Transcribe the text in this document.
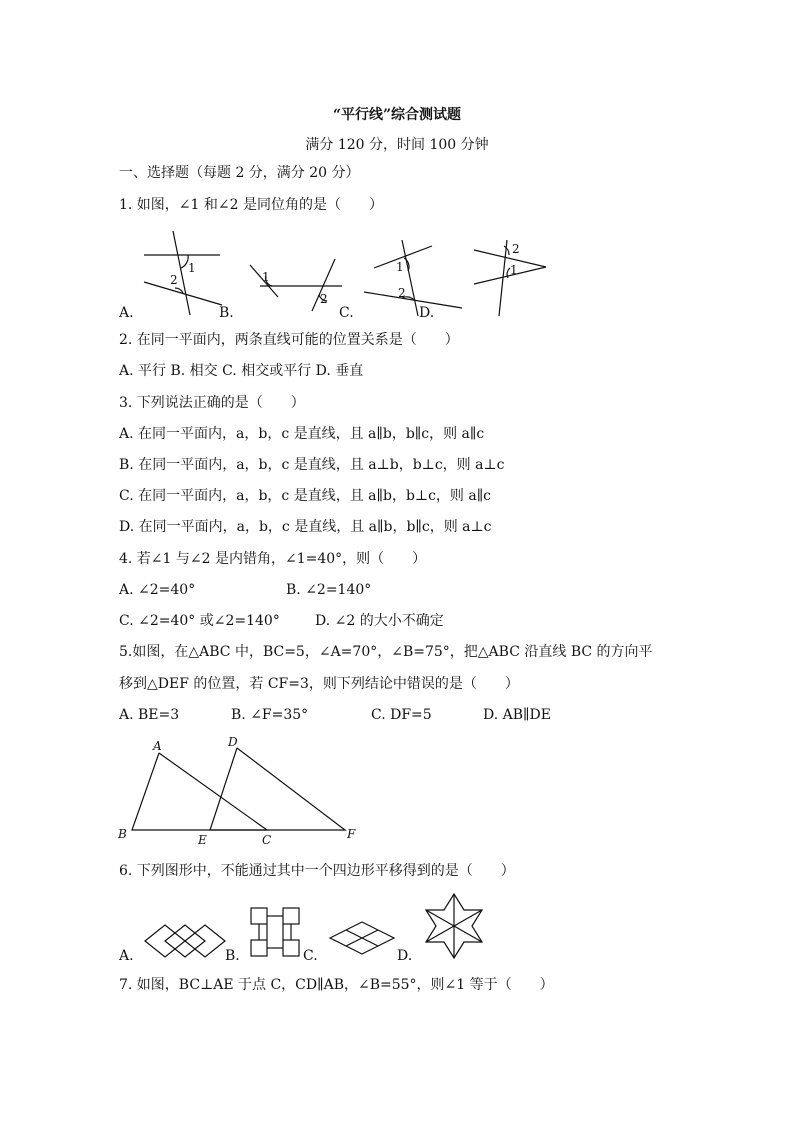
“平行线”综合测试题
满分 120 分，时间 100 分钟
一、选择题（每题 2 分，满分 20 分）
1. 如图，∠1 和∠2 是同位角的是（　　）
1
2
A.
1
2
B.
1
2
C.
2
1
D.
2. 在同一平面内，两条直线可能的位置关系是（　　）
A. 平行 B. 相交 C. 相交或平行 D. 垂直
3. 下列说法正确的是（　　）
A. 在同一平面内，a，b，c 是直线，且 a∥b，b∥c，则 a∥c
B. 在同一平面内，a，b，c 是直线，且 a⊥b，b⊥c，则 a⊥c
C. 在同一平面内，a，b，c 是直线，且 a∥b，b⊥c，则 a∥c
D. 在同一平面内，a，b，c 是直线，且 a∥b，b∥c，则 a⊥c
4. 若∠1 与∠2 是内错角，∠1=40°，则（　　）
A. ∠2=40°	B. ∠2=140°
C. ∠2=40° 或∠2=140°	D. ∠2 的大小不确定
5.如图，在△ABC 中，BC=5，∠A=70°，∠B=75°，把△ABC 沿直线 BC 的方向平
移到△DEF 的位置，若 CF=3，则下列结论中错误的是（　　）
A. BE=3	B. ∠F=35°	C. DF=5	D. AB∥DE
A	D
B	E	C	F
6. 下列图形中，不能通过其中一个四边形平移得到的是（　　）
A.	B.	C.	D.
7. 如图，BC⊥AE 于点 C，CD∥AB，∠B=55°，则∠1 等于（　　）
